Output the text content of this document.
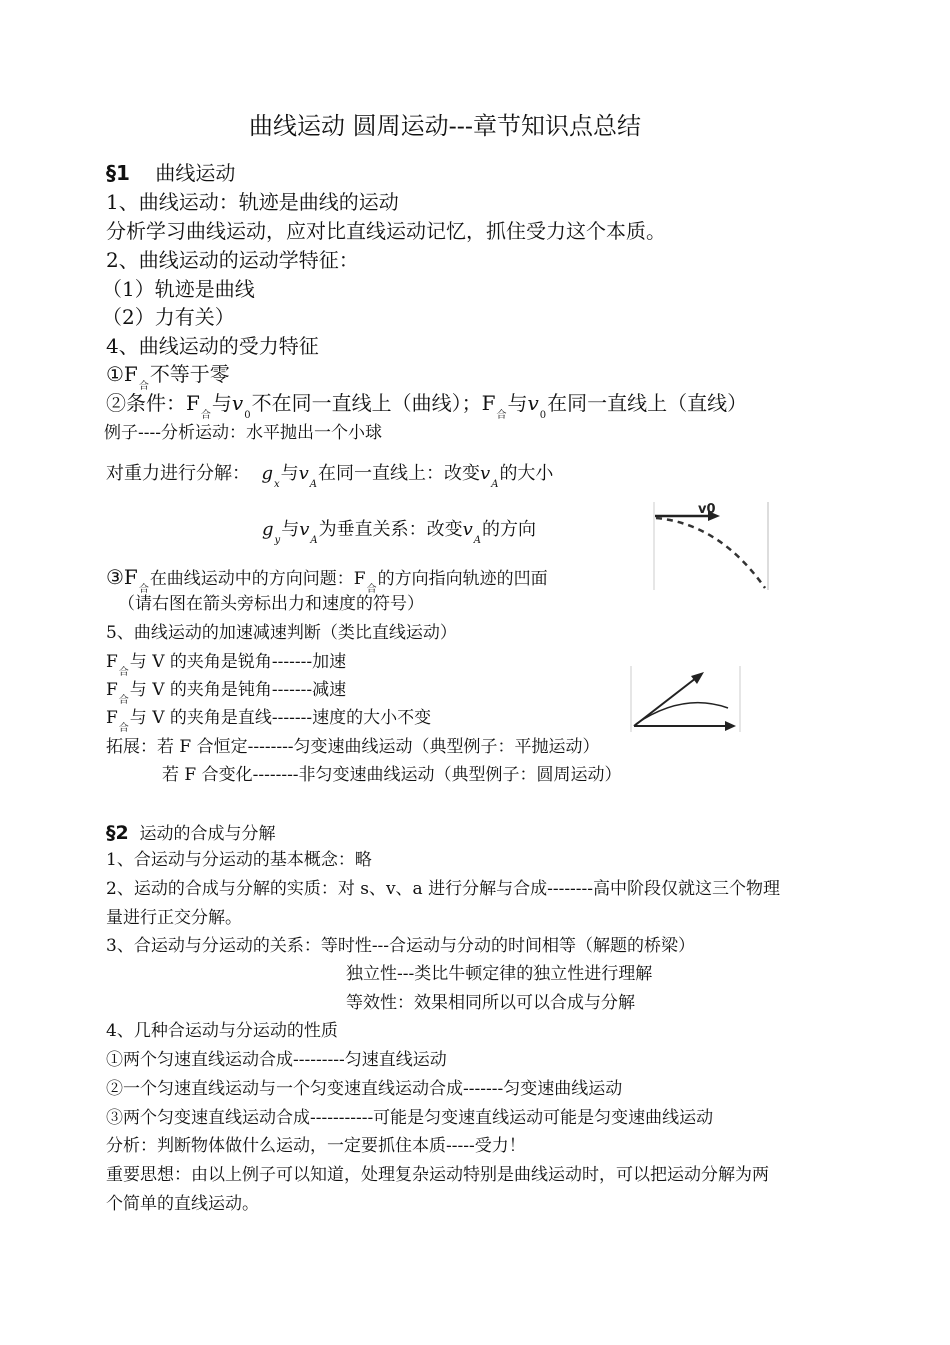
曲线运动 圆周运动---章节知识点总结
§1 曲线运动
1、曲线运动：轨迹是曲线的运动
分析学习曲线运动，应对比直线运动记忆，抓住受力这个本质。
2、曲线运动的运动学特征：
（1）轨迹是曲线
（2）力有关）
4、曲线运动的受力特征
$①F_合$不等于零
②条件：$F_合$与$v_0$不在同一直线上（曲线）；$F_合$与$v_0$在同一直线上（直线）
例子----分析运动：水平抛出一个小球
对重力进行分解： $g_x$与$v_A$在同一直线上：改变$v_A$的大小
$g_y$与$v_A$为垂直关系：改变$v_A$的方向
v0
$③F_合$在曲线运动中的方向问题：$F_合$的方向指向轨迹的凹面
（请右图在箭头旁标出力和速度的符号）
5、曲线运动的加速减速判断（类比直线运动）
$F_合$与 V 的夹角是锐角-------加速
$F_合$与 V 的夹角是钝角-------减速
$F_合$与 V 的夹角是直线-------速度的大小不变
拓展：若 F 合恒定--------匀变速曲线运动（典型例子：平抛运动）
若 F 合变化--------非匀变速曲线运动（典型例子：圆周运动）
§2 运动的合成与分解
1、合运动与分运动的基本概念：略
2、运动的合成与分解的实质：对 s、v、a 进行分解与合成--------高中阶段仅就这三个物理
量进行正交分解。
3、合运动与分运动的关系：等时性---合运动与分动的时间相等（解题的桥梁）
独立性---类比牛顿定律的独立性进行理解
等效性：效果相同所以可以合成与分解
4、几种合运动与分运动的性质
①两个匀速直线运动合成---------匀速直线运动
②一个匀速直线运动与一个匀变速直线运动合成-------匀变速曲线运动
③两个匀变速直线运动合成-----------可能是匀变速直线运动可能是匀变速曲线运动
分析：判断物体做什么运动，一定要抓住本质-----受力！
重要思想：由以上例子可以知道，处理复杂运动特别是曲线运动时，可以把运动分解为两
个简单的直线运动。
